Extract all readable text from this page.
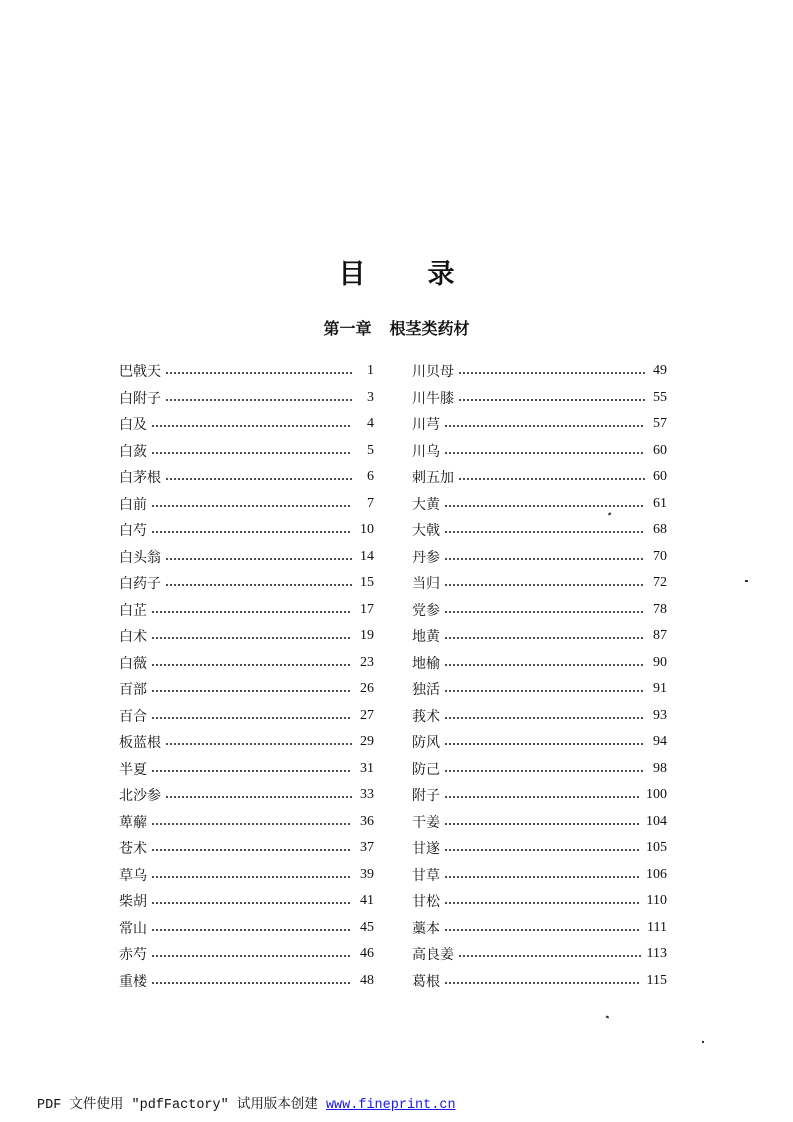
目 录
第一章 根茎类药材
巴戟天	1
白附子	3
白及	4
白蔹	5
白茅根	6
白前	7
白芍	10
白头翁	14
白药子	15
白芷	17
白术	19
白薇	23
百部	26
百合	27
板蓝根	29
半夏	31
北沙参	33
萆薢	36
苍术	37
草乌	39
柴胡	41
常山	45
赤芍	46
重楼	48
川贝母	49
川牛膝	55
川芎	57
川乌	60
刺五加	60
大黄	61
大戟	68
丹参	70
当归	72
党参	78
地黄	87
地榆	90
独活	91
莪术	93
防风	94
防己	98
附子	100
干姜	104
甘遂	105
甘草	106
甘松	110
藁本	111
高良姜	113
葛根	115
PDF 文件使用 "pdfFactory" 试用版本创建 www.fineprint.cn
